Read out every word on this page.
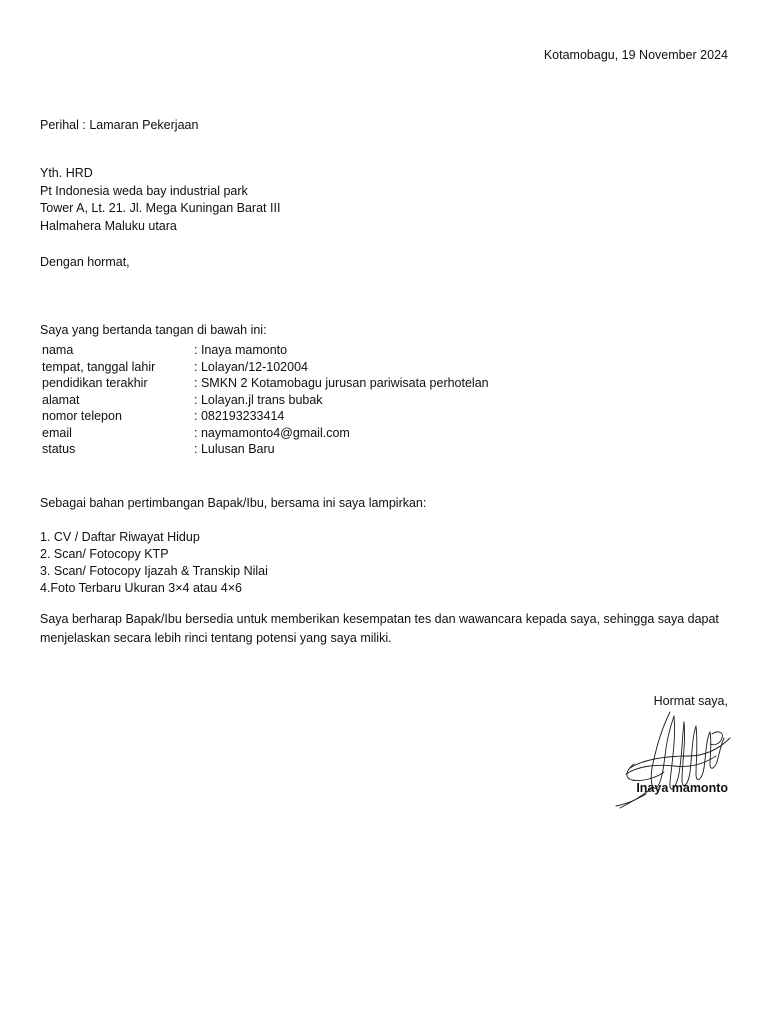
Kotamobagu, 19 November 2024
Perihal : Lamaran Pekerjaan
Yth. HRD
Pt Indonesia weda bay industrial park
Tower A, Lt. 21. Jl. Mega Kuningan Barat III
Halmahera Maluku utara
Dengan hormat,
Saya yang bertanda tangan di bawah ini:
nama	: Inaya mamonto
tempat, tanggal lahir	: Lolayan/12-102004
pendidikan terakhir	: SMKN 2 Kotamobagu jurusan pariwisata perhotelan
alamat	: Lolayan.jl trans bubak
nomor telepon	: 082193233414
email	: naymamonto4@gmail.com
status	: Lulusan Baru
Sebagai bahan pertimbangan Bapak/Ibu, bersama ini saya lampirkan:
1. CV / Daftar Riwayat Hidup
2. Scan/ Fotocopy KTP
3. Scan/ Fotocopy Ijazah & Transkip Nilai
4.Foto Terbaru Ukuran 3×4 atau 4×6
Saya berharap Bapak/Ibu bersedia untuk memberikan kesempatan tes dan wawancara kepada saya, sehingga saya dapat menjelaskan secara lebih rinci tentang potensi yang saya miliki.
Hormat saya,
Inaya mamonto
